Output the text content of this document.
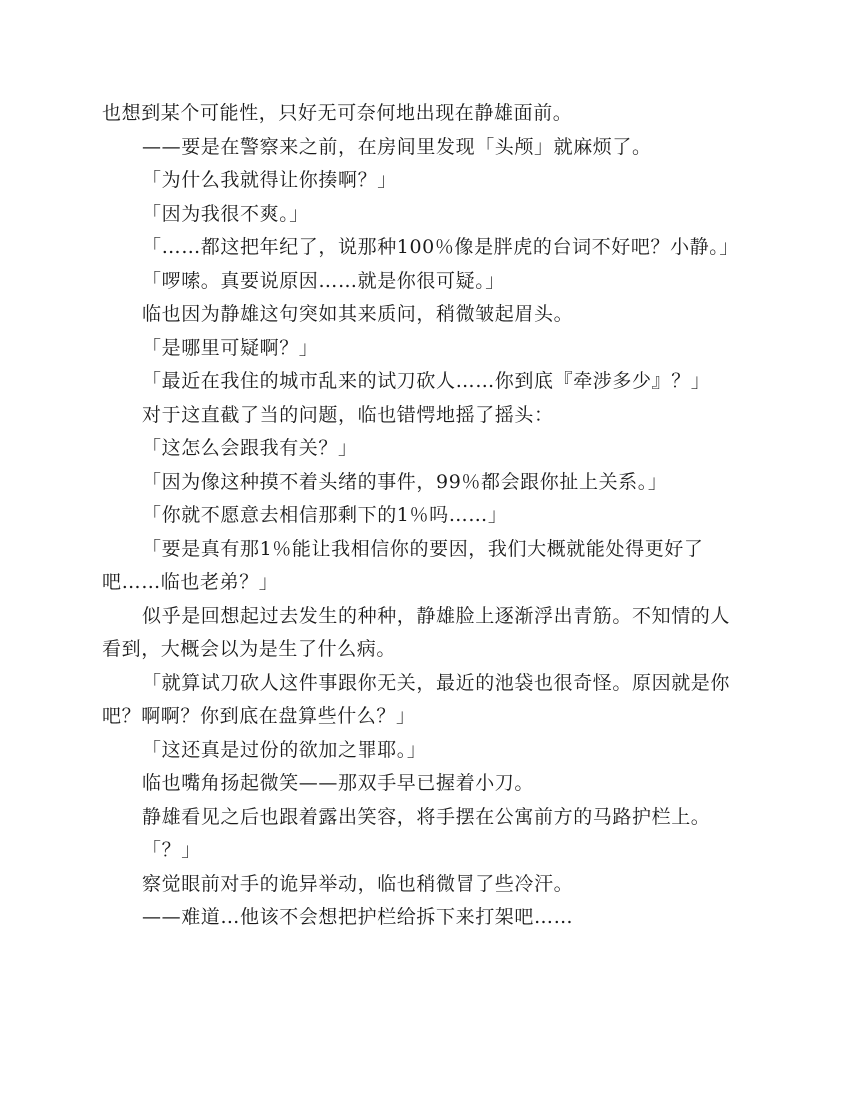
也想到某个可能性，只好无可奈何地出现在静雄面前。

——要是在警察来之前，在房间里发现「头颅」就麻烦了。

「为什么我就得让你揍啊？」

「因为我很不爽。」

「……都这把年纪了，说那种100％像是胖虎的台词不好吧？小静。」

「啰嗦。真要说原因……就是你很可疑。」

临也因为静雄这句突如其来质问，稍微皱起眉头。

「是哪里可疑啊？」

「最近在我住的城市乱来的试刀砍人……你到底『牵涉多少』？」

对于这直截了当的问题，临也错愕地摇了摇头：

「这怎么会跟我有关？」

「因为像这种摸不着头绪的事件，99％都会跟你扯上关系。」

「你就不愿意去相信那剩下的1％吗……」

「要是真有那1％能让我相信你的要因，我们大概就能处得更好了吧……临也老弟？」

似乎是回想起过去发生的种种，静雄脸上逐渐浮出青筋。不知情的人看到，大概会以为是生了什么病。

「就算试刀砍人这件事跟你无关，最近的池袋也很奇怪。原因就是你吧？啊啊？你到底在盘算些什么？」

「这还真是过份的欲加之罪耶。」

临也嘴角扬起微笑——那双手早已握着小刀。

静雄看见之后也跟着露出笑容，将手摆在公寓前方的马路护栏上。

「？」

察觉眼前对手的诡异举动，临也稍微冒了些冷汗。

——难道…他该不会想把护栏给拆下来打架吧……
